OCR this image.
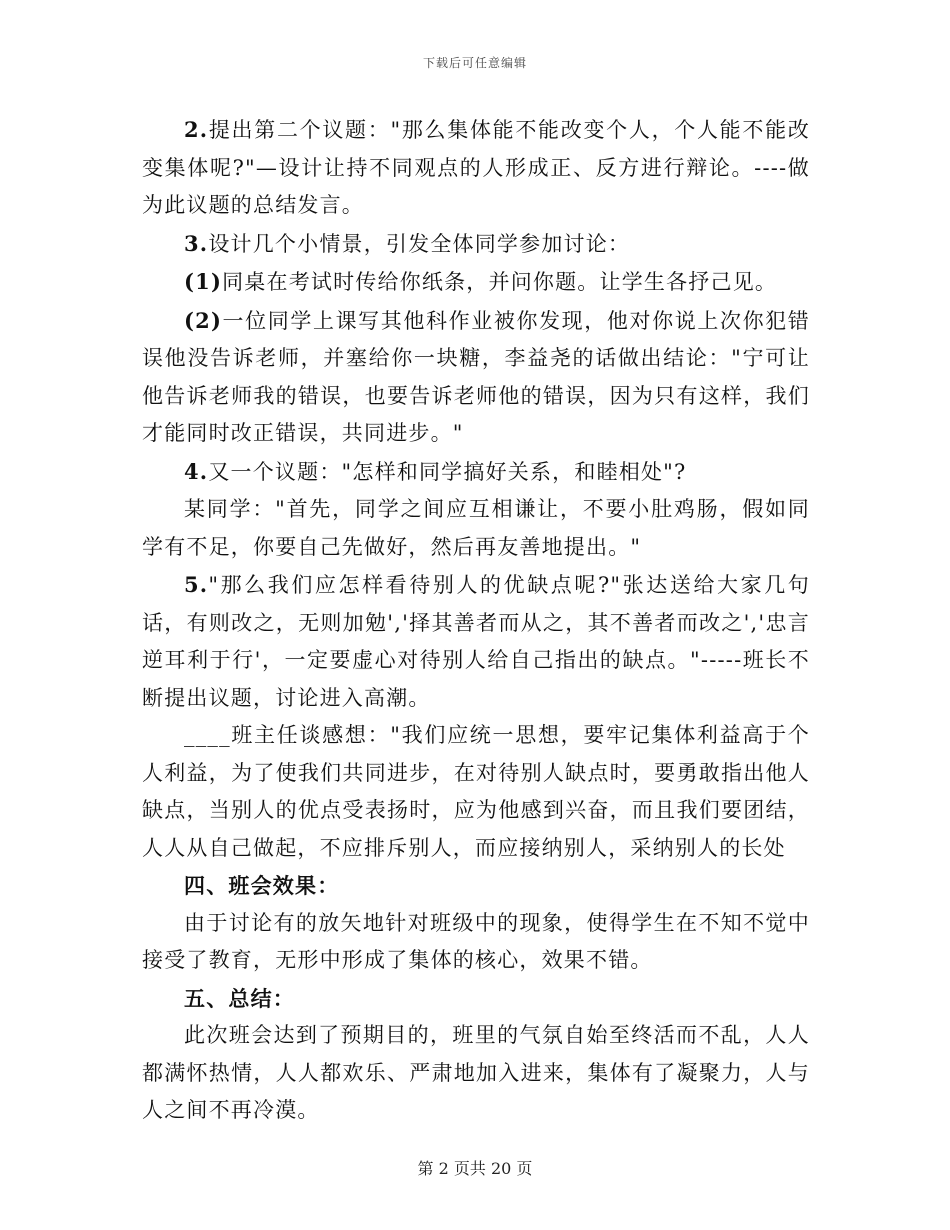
下载后可任意编辑

2.提出第二个议题："那么集体能不能改变个人，个人能不能改变集体呢?"—设计让持不同观点的人形成正、反方进行辩论。----做为此议题的总结发言。

3.设计几个小情景，引发全体同学参加讨论：

(1)同桌在考试时传给你纸条，并问你题。让学生各抒己见。

(2)一位同学上课写其他科作业被你发现，他对你说上次你犯错误他没告诉老师，并塞给你一块糖，李益尧的话做出结论："宁可让他告诉老师我的错误，也要告诉老师他的错误，因为只有这样，我们才能同时改正错误，共同进步。"

4.又一个议题："怎样和同学搞好关系，和睦相处"?

某同学："首先，同学之间应互相谦让，不要小肚鸡肠，假如同学有不足，你要自己先做好，然后再友善地提出。"

5."那么我们应怎样看待别人的优缺点呢?"张达送给大家几句话，有则改之，无则加勉','择其善者而从之，其不善者而改之','忠言逆耳利于行'，一定要虚心对待别人给自己指出的缺点。"-----班长不断提出议题，讨论进入高潮。

____班主任谈感想："我们应统一思想，要牢记集体利益高于个人利益，为了使我们共同进步，在对待别人缺点时，要勇敢指出他人缺点，当别人的优点受表扬时，应为他感到兴奋，而且我们要团结，人人从自己做起，不应排斥别人，而应接纳别人，采纳别人的长处

四、班会效果：

由于讨论有的放矢地针对班级中的现象，使得学生在不知不觉中接受了教育，无形中形成了集体的核心，效果不错。

五、总结：

此次班会达到了预期目的，班里的气氛自始至终活而不乱，人人都满怀热情，人人都欢乐、严肃地加入进来，集体有了凝聚力，人与人之间不再冷漠。

第 2 页共 20 页
